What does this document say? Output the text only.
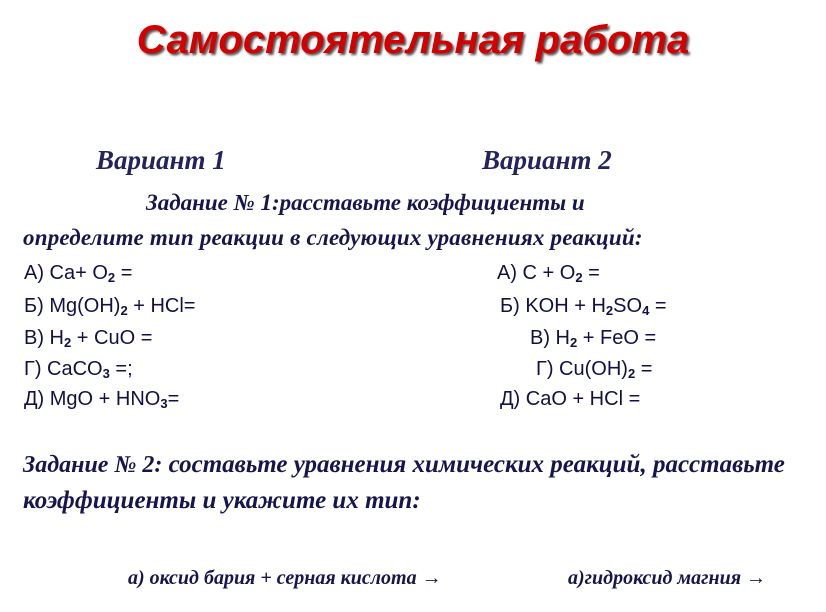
Самостоятельная работа
Вариант 1	Вариант 2
Задание № 1:расставьте коэффициенты и
определите тип реакции в следующих уравнениях реакций:
А) $Ca+ O_2$ =
Б) $Mg(OH)_2 + HCl=$
В) $H_2$ + CuO =
Г) CaCO$_3$ =;
Д) MgO + $HNO_3=$
А) $C + O_2$ =
Б) KOH + $H_2SO_4$ =
В) $H_2$ + FeO =
Г) $Cu(OH)_2$ =
Д) CaO + HCl =
Задание № 2: составьте уравнения химических реакций, расставьте коэффициенты и укажите их тип:
а) оксид бария + серная кислота →	а)гидроксид магния →
